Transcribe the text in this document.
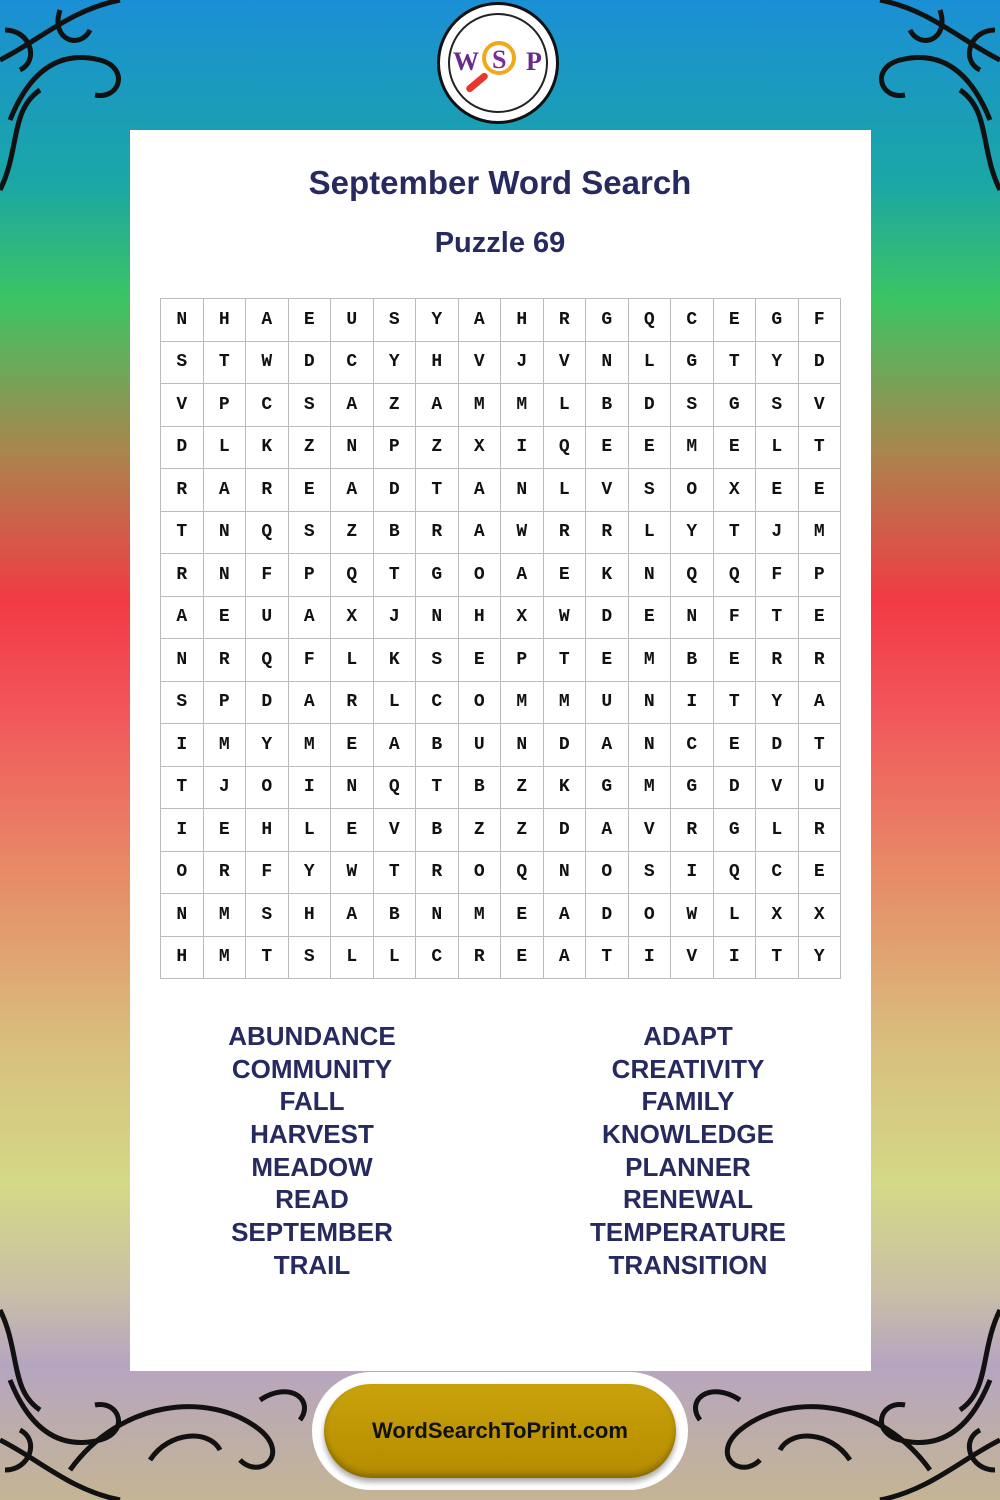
W S P
September Word Search
Puzzle 69
N	H	A	E	U	S	Y	A	H	R	G	Q	C	E	G	F
S	T	W	D	C	Y	H	V	J	V	N	L	G	T	Y	D
V	P	C	S	A	Z	A	M	M	L	B	D	S	G	S	V
D	L	K	Z	N	P	Z	X	I	Q	E	E	M	E	L	T
R	A	R	E	A	D	T	A	N	L	V	S	O	X	E	E
T	N	Q	S	Z	B	R	A	W	R	R	L	Y	T	J	M
R	N	F	P	Q	T	G	O	A	E	K	N	Q	Q	F	P
A	E	U	A	X	J	N	H	X	W	D	E	N	F	T	E
N	R	Q	F	L	K	S	E	P	T	E	M	B	E	R	R
S	P	D	A	R	L	C	O	M	M	U	N	I	T	Y	A
I	M	Y	M	E	A	B	U	N	D	A	N	C	E	D	T
T	J	O	I	N	Q	T	B	Z	K	G	M	G	D	V	U
I	E	H	L	E	V	B	Z	Z	D	A	V	R	G	L	R
O	R	F	Y	W	T	R	O	Q	N	O	S	I	Q	C	E
N	M	S	H	A	B	N	M	E	A	D	O	W	L	X	X
H	M	T	S	L	L	C	R	E	A	T	I	V	I	T	Y
ABUNDANCE
COMMUNITY
FALL
HARVEST
MEADOW
READ
SEPTEMBER
TRAIL
ADAPT
CREATIVITY
FAMILY
KNOWLEDGE
PLANNER
RENEWAL
TEMPERATURE
TRANSITION
WordSearchToPrint.com
